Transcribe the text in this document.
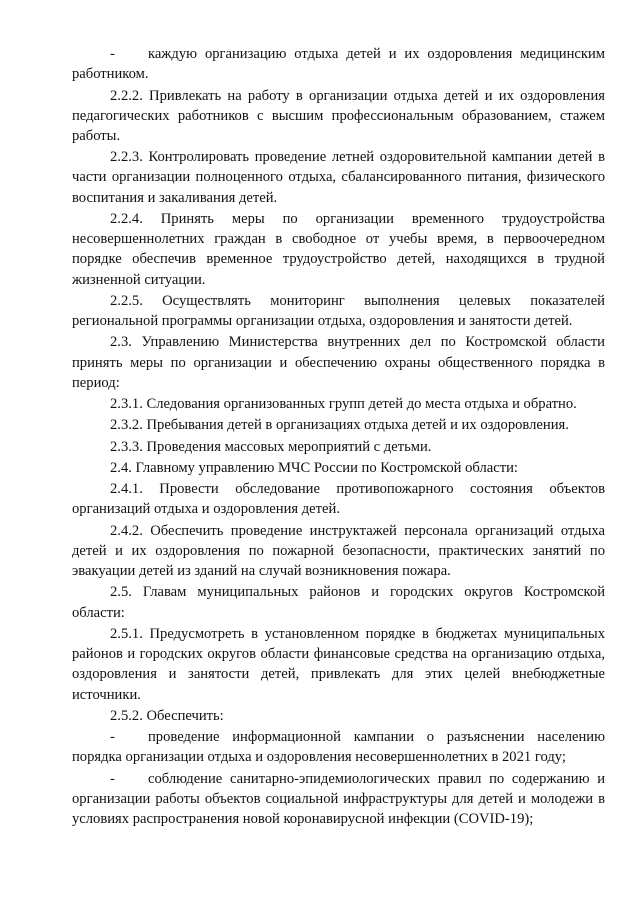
-	каждую организацию отдыха детей и их оздоровления медицинским работником.

2.2.2. Привлекать на работу в организации отдыха детей и их оздоровления педагогических работников с высшим профессиональным образованием, стажем работы.

2.2.3. Контролировать проведение летней оздоровительной кампании детей в части организации полноценного отдыха, сбалансированного питания, физического воспитания и закаливания детей.

2.2.4. Принять меры по организации временного трудоустройства несовершеннолетних граждан в свободное от учебы время, в первоочередном порядке обеспечив временное трудоустройство детей, находящихся в трудной жизненной ситуации.

2.2.5. Осуществлять мониторинг выполнения целевых показателей региональной программы организации отдыха, оздоровления и занятости детей.

2.3. Управлению Министерства внутренних дел по Костромской области принять меры по организации и обеспечению охраны общественного порядка в период:

2.3.1. Следования организованных групп детей до места отдыха и обратно.

2.3.2. Пребывания детей в организациях отдыха детей и их оздоровления.

2.3.3. Проведения массовых мероприятий с детьми.

2.4. Главному управлению МЧС России по Костромской области:

2.4.1. Провести обследование противопожарного состояния объектов организаций отдыха и оздоровления детей.

2.4.2. Обеспечить проведение инструктажей персонала организаций отдыха детей и их оздоровления по пожарной безопасности, практических занятий по эвакуации детей из зданий на случай возникновения пожара.

2.5. Главам муниципальных районов и городских округов Костромской области:

2.5.1. Предусмотреть в установленном порядке в бюджетах муниципальных районов и городских округов области финансовые средства на организацию отдыха, оздоровления и занятости детей, привлекать для этих целей внебюджетные источники.

2.5.2. Обеспечить:

-	проведение информационной кампании о разъяснении населению порядка организации отдыха и оздоровления несовершеннолетних в 2021 году;

-	соблюдение санитарно-эпидемиологических правил по содержанию и организации работы объектов социальной инфраструктуры для детей и молодежи в условиях распространения новой коронавирусной инфекции (COVID-19);
